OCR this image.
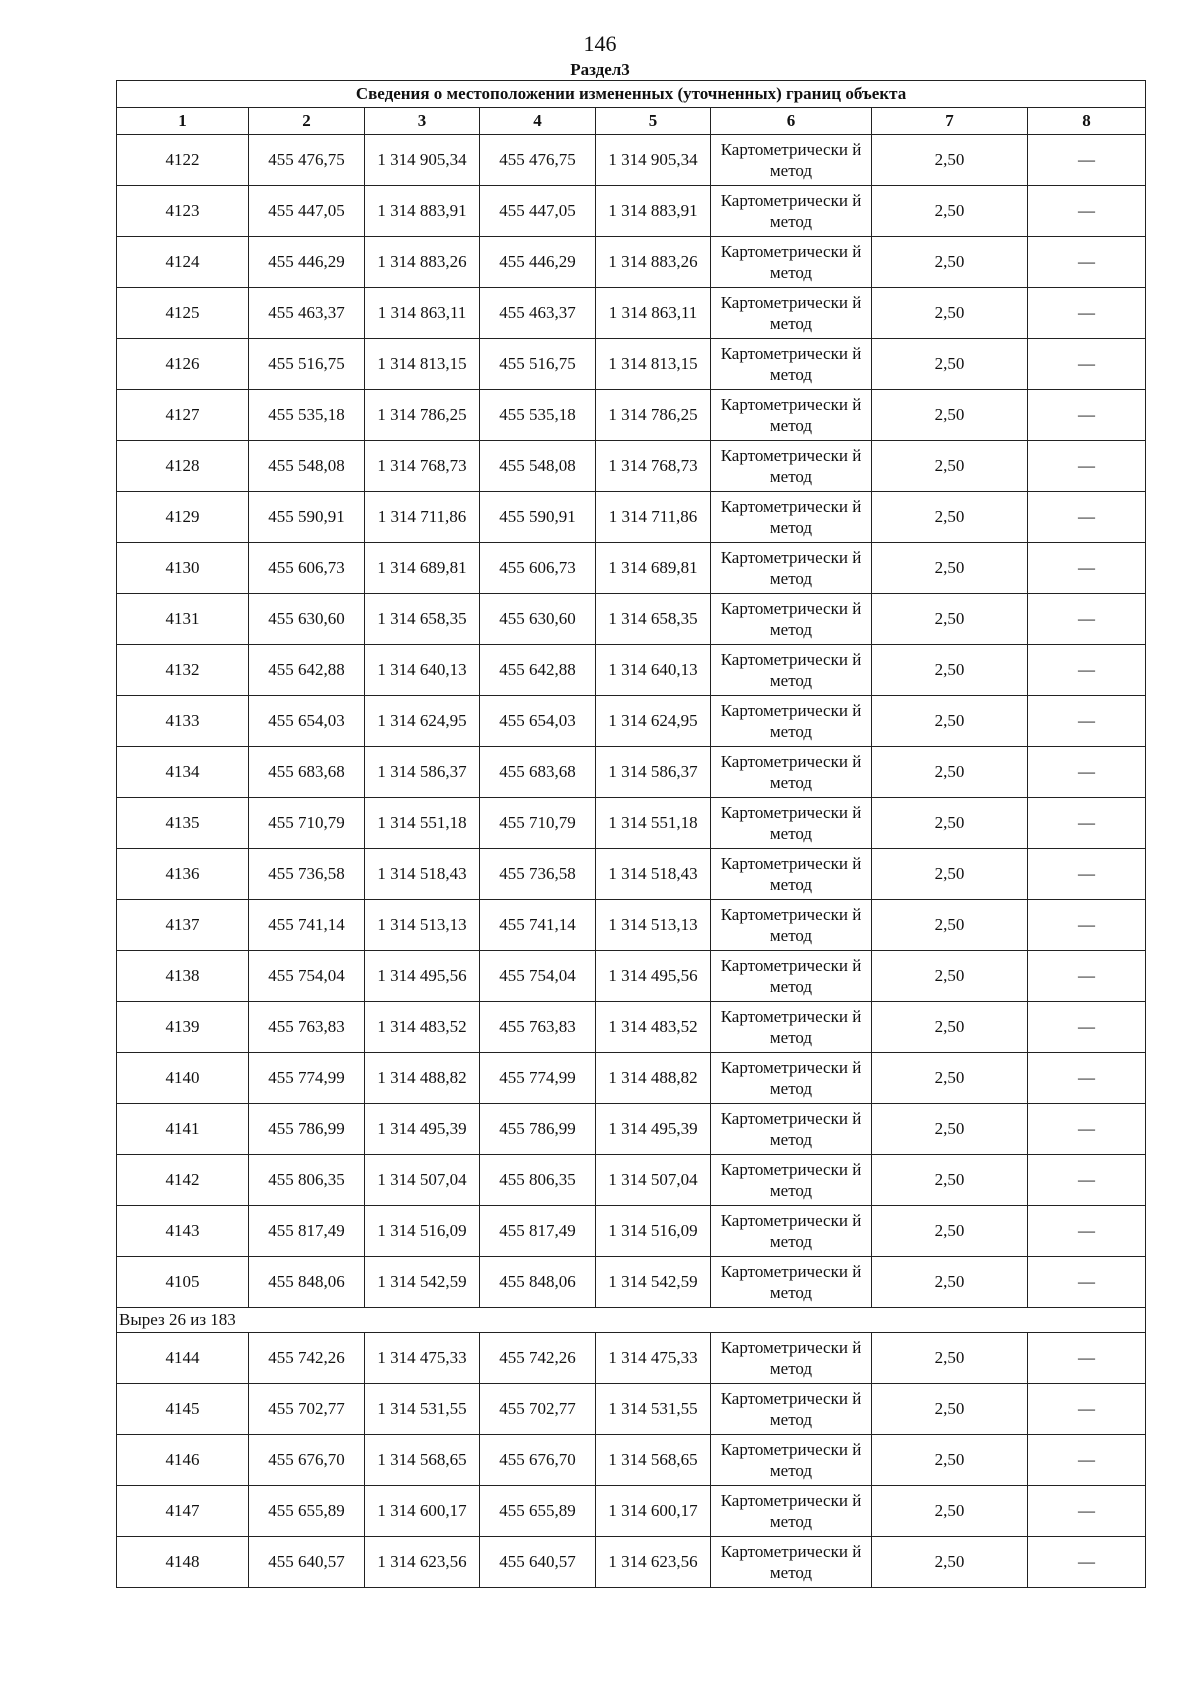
146
Раздел3
Сведения о местоположении измененных (уточненных) границ объекта							
1	2	3	4	5	6	7	8
4122	455 476,75	1 314 905,34	455 476,75	1 314 905,34	Картометрически й метод	2,50	—
4123	455 447,05	1 314 883,91	455 447,05	1 314 883,91	Картометрически й метод	2,50	—
4124	455 446,29	1 314 883,26	455 446,29	1 314 883,26	Картометрически й метод	2,50	—
4125	455 463,37	1 314 863,11	455 463,37	1 314 863,11	Картометрически й метод	2,50	—
4126	455 516,75	1 314 813,15	455 516,75	1 314 813,15	Картометрически й метод	2,50	—
4127	455 535,18	1 314 786,25	455 535,18	1 314 786,25	Картометрически й метод	2,50	—
4128	455 548,08	1 314 768,73	455 548,08	1 314 768,73	Картометрически й метод	2,50	—
4129	455 590,91	1 314 711,86	455 590,91	1 314 711,86	Картометрически й метод	2,50	—
4130	455 606,73	1 314 689,81	455 606,73	1 314 689,81	Картометрически й метод	2,50	—
4131	455 630,60	1 314 658,35	455 630,60	1 314 658,35	Картометрически й метод	2,50	—
4132	455 642,88	1 314 640,13	455 642,88	1 314 640,13	Картометрически й метод	2,50	—
4133	455 654,03	1 314 624,95	455 654,03	1 314 624,95	Картометрически й метод	2,50	—
4134	455 683,68	1 314 586,37	455 683,68	1 314 586,37	Картометрически й метод	2,50	—
4135	455 710,79	1 314 551,18	455 710,79	1 314 551,18	Картометрически й метод	2,50	—
4136	455 736,58	1 314 518,43	455 736,58	1 314 518,43	Картометрически й метод	2,50	—
4137	455 741,14	1 314 513,13	455 741,14	1 314 513,13	Картометрически й метод	2,50	—
4138	455 754,04	1 314 495,56	455 754,04	1 314 495,56	Картометрически й метод	2,50	—
4139	455 763,83	1 314 483,52	455 763,83	1 314 483,52	Картометрически й метод	2,50	—
4140	455 774,99	1 314 488,82	455 774,99	1 314 488,82	Картометрически й метод	2,50	—
4141	455 786,99	1 314 495,39	455 786,99	1 314 495,39	Картометрически й метод	2,50	—
4142	455 806,35	1 314 507,04	455 806,35	1 314 507,04	Картометрически й метод	2,50	—
4143	455 817,49	1 314 516,09	455 817,49	1 314 516,09	Картометрически й метод	2,50	—
4105	455 848,06	1 314 542,59	455 848,06	1 314 542,59	Картометрически й метод	2,50	—
Вырез 26 из 183							
4144	455 742,26	1 314 475,33	455 742,26	1 314 475,33	Картометрически й метод	2,50	—
4145	455 702,77	1 314 531,55	455 702,77	1 314 531,55	Картометрически й метод	2,50	—
4146	455 676,70	1 314 568,65	455 676,70	1 314 568,65	Картометрически й метод	2,50	—
4147	455 655,89	1 314 600,17	455 655,89	1 314 600,17	Картометрически й метод	2,50	—
4148	455 640,57	1 314 623,56	455 640,57	1 314 623,56	Картометрически й метод	2,50	—
